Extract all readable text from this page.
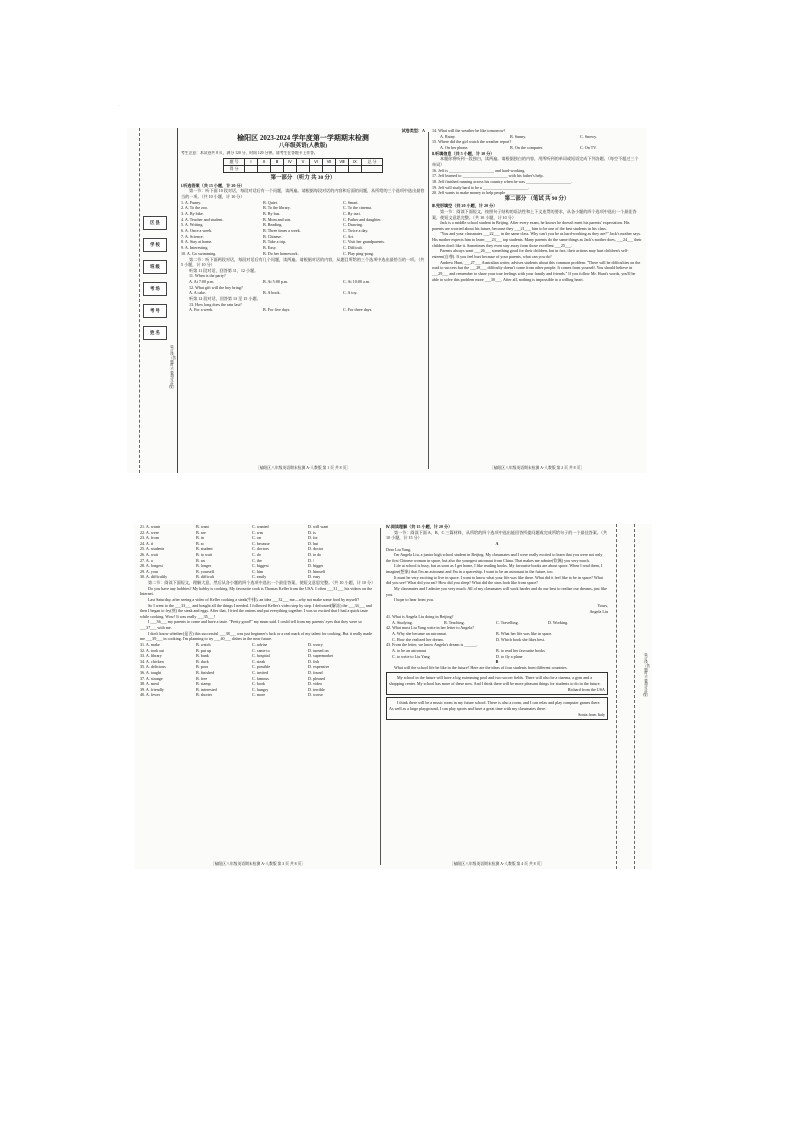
·
区 县
学 校
班 级
考 场
考 号
姓 名
装订线（答题时不要超过此线）

试卷类型：A

榆阳区 2023-2024 学年度第一学期期末检测

八年级英语(人教版)

考生注意：本试卷共 8 页，满分 120 分，时间 120 分钟。请考生在答题卡上作答。

题 号	Ⅰ	Ⅱ	Ⅲ	Ⅳ	Ⅴ	Ⅵ	Ⅶ	Ⅷ	Ⅸ	总 分
得 分										

第一部分 （听力 共 30 分）

Ⅰ.听选答案（共 15 小题，计 20 分）

第一节：听下面 10 段对话，每段对话后有一个问题，读两遍。请根据每段对话的内容和后面的问题，从所给的三个选项中选出最恰当的一项。（共 10 小题，计 10 分）

1. A. Funny.	B. Quiet.	C. Smart.
2. A. To the zoo.	B. To the library.	C. To the cinema.
3. A. By bike.	B. By bus.	C. By taxi.
4. A. Teacher and student.	B. Mom and son.	C. Father and daughter.
5. A. Writing.	B. Reading.	C. Drawing.
6. A. Once a week.	B. Three times a week.	C. Twice a day.
7. A. Science.	B. Chinese.	C. Art.
8. A. Stay at home.	B. Take a trip.	C. Visit her grandparents.
9. A. Interesting.	B. Easy.	C. Difficult.
10. A. Go swimming.	B. Do her homework.	C. Play ping-pong.

第二节：听下面两段对话，每段对话后有几个问题，读两遍。请根据对话的内容，从题目所给的三个选项中选出最恰当的一项。（共 5 小题，计 10 分）

听第 11 段对话，回答第 11、12 小题。

11. When is the party?

A. At 7:00 p.m.	B. At 5:00 p.m.	C. At 10:00 a.m.

12. What gift will the boy bring?

A. A cake.	B. A book.	C. A toy.

听第 12 段对话，回答第 13 至 15 小题。

13. How long does the rain last?

A. For a week.	B. For five days.	C. For three days.

［榆阳区八年级英语期末检测 A-人教版 第 1 页 共 8 页］

14. What will the weather be like tomorrow?

A. Rainy.	B. Sunny.	C. Snowy.

15. Where did the girl watch the weather report?

A. On her phone.	B. On the computer.	C. On TV.

Ⅱ.听填信息（共 5 小题，计 10 分）

本题你将听到一段独白，读两遍。请根据独白的内容，用所听到的单词或短语完成下列各题。（每空不超过三个单词）

16. Jeff is ______________________ and hard-working.

17. Jeff learned to ______________________ with his father's help.

18. Jeff finished running across his country when he was ______________________.

19. Jeff will study hard to be a ______________________.

20. Jeff wants to make money to help people ______________________.

第二部分 （笔试 共 90 分）

Ⅲ.完形填空（共 20 小题，计 20 分）

第一节：阅读下面短文，按照句子结构的语法性和上下文连贯的要求，从各小题的四个选项中选出一个最佳答案，使短文意思完整。（共 10 小题，计 10 分）

Jack is a middle school student in Beijing. After every exam, he knows he doesn't meet his parents' expectation. His parents are worried about his future, because they ___21___ him to be one of the best students in his class.

"You and your classmates ___22___ in the same class. Why can't you be as hard-working as they are?" Jack's mother says. His mother expects him to learn ___23___ top students. Many parents do the same things as Jack's mother does, ___24___ their children don't like it. Sometimes they even stay away from those excellent ___25___.

Parents always want ___26___ something good for their children, but in fact, their actions may hurt children's self-esteem(自尊). If you feel hurt because of your parents, what can you do?

Andrew Hunt, ___27___ Australian writer, advises students about this common problem. "There will be difficulties on the road to success but the ___28___ difficulty doesn't come from other people. It comes from yourself. You should believe in ___29___ and remember to share your true feelings with your family and friends." If you follow Mr. Hunt's words, you'll be able to solve this problem more ___30___. After all, nothing is impossible to a willing heart.

［榆阳区八年级英语期末检测 A-人教版 第 2 页 共 8 页］

21. A. wants	B. want	C. wanted	D. will want
22. A. were	B. are	C. was	D. is
23. A. from	B. in	C. on	D. for
24. A. if	B. so	C. because	D. but
25. A. students	B. student	C. doctors	D. doctor
26. A. wait	B. to wait	C. do	D. to do
27. A. a	B. an	C. the	D. /
28. A. longest	B. longer	C. biggest	D. bigger
29. A. your	B. yourself	C. him	D. himself
30. A. difficultly	B. difficult	C. easily	D. easy

第二节：阅读下面短文，理解大意，然后从各小题的四个选项中选出一个最佳答案，使短文意思完整。（共 10 小题，计 10 分）

Do you have any hobbies? My hobby is cooking. My favourite cook is Thomas Keller from the USA. I often ___31___ his videos on the Internet.

Last Saturday, after seeing a video of Keller cooking a steak(牛排), an idea ___32___ me—why not make some food by myself?

So I went to the ___33___ and bought all the things I needed. I followed Keller's video step by step. I defrosted(解冻) the ___34___ and then I began to fry(煎) the steak and eggs. After that, I fried the onions and put everything together. I was so excited that I had a quick taste while cooking. Wow! It was really ___35___!

I ___36___ my parents to come and have a taste. "Pretty good!" my mum said. I could tell from my parents' eyes that they were so ___37___ with me.

I don't know whether(是否) this successful ___38___ was just beginner's luck or a real mark of my talent for cooking. But it really made me ___39___ in cooking. I'm planning to try ___40___ dishes in the near future.

31. A. make	B. watch	C. advise	D. worry
32. A. took out	B. put up	C. came to	D. turned on
33. A. library	B. bank	C. hospital	D. supermarket
34. A. chicken	B. duck	C. steak	D. fish
35. A. delicious	B. poor	C. possible	D. expensive
36. A. taught	B. finished	C. invited	D. found
37. A. strange	B. free	C. famous	D. pleased
38. A. meal	B. stamp	C. book	D. video
39. A. friendly	B. interested	C. hungry	D. terrible
40. A. fewer	B. shorter	C. more	D. worse

［榆阳区八年级英语期末检测 A-人教版 第 3 页 共 8 页］

Ⅳ.阅读理解（共 15 小题，计 20 分）

第一节：阅读下面 A、B、C 三篇材料，从所给的四个选项中选出能回答所提问题或完成所给句子的一个最佳答案。（共 10 小题，计 15 分）

A

Dear Liu Yang,

I'm Angela Liu, a junior high school student in Beijing. My classmates and I were really excited to learn that you were not only the first Chinese woman in space, but also the youngest astronaut from China. That makes me admire(钦佩) you very much.

Life at school is busy, but as soon as I get home, I like reading books. My favourite books are about space. When I read them, I imagine(想象) that I'm an astronaut and I'm in a spaceship. I want to be an astronaut in the future, too.

It must be very exciting to live in space. I want to know what your life was like there. What did it feel like to be in space? What did you see? What did you eat? How did you sleep? What did the stars look like from space?

My classmates and I admire you very much. All of my classmates will work harder and do our best to realize our dreams, just like you.

I hope to hear from you.

Yours,

Angela Liu

41. What is Angela Liu doing in Beijing?

A. Studying.	B. Teaching.	C. Travelling.	D. Working.

42. What must Liu Yang write in her letter to Angela?

A. Why she became an astronaut.	B. What her life was like in space.
C. How she realized her dream.	D. Which book she likes best.

43. From the letter, we know Angela's dream is ______.

A. to be an astronaut	B. to read her favourite books
C. to write to Liu Yang	D. to fly a plane

B

What will the school life be like in the future? Here are the ideas of four students from different countries.

My school in the future will have a big swimming pool and two soccer fields. There will also be a cinema, a gym and a shopping center. My school has more of these now. And I think there will be more pleasant things for students to do in the future.

Richard from the USA

I think there will be a music room in my future school. There is also a room, and I can relax and play computer games there. As well as a large playground, I can play sports and have a great time with my classmates there.

Sonia from Italy

［榆阳区八年级英语期末检测 A-人教版 第 4 页 共 8 页］

装订线（答题时不要超过此线）
